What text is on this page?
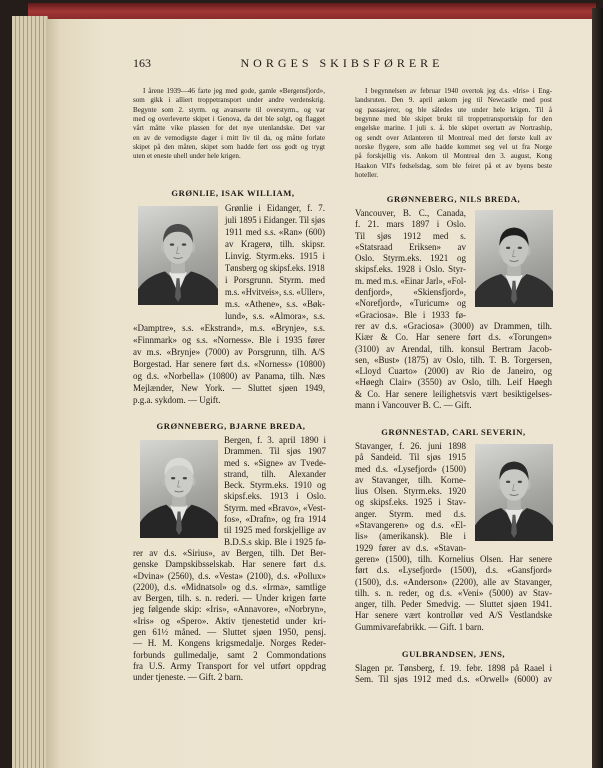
163	NORGES SKIBSFØRERE
I årene 1939—46 farte jeg med gode, gamle «Bergensfjord»,
som gikk i alliert troppetransport under andre verdenskrig.
Begynte som 2. styrm. og avanserte til overstyrm., og var
med og overleverte skipet i Genova, da det ble solgt, og flagget
vårt måtte vike plassen for det nye utenlandske. Det var
en av de vemodigste dager i mitt liv til da, og måtte forlate
skipet på den måten, skipet som hadde ført oss godt og trygt
uten et eneste uhell under hele krigen.
I begynnelsen av februar 1940 overtok jeg d.s. «Iris» i Eng-
landsruten. Den 9. april ankom jeg til Newcastle med post
og passasjerer, og ble således ute under hele krigen. Til å
begynne med ble skipet brukt til troppetransportskip for den
engelske marine. I juli s. å. ble skipet overtatt av Nortraship,
og sendt over Atlanteren til Montreal med det første kull av
norske flygere, som alle hadde kommet seg vel ut fra Norge
på forskjellig vis. Ankom til Montreal den 3. august, Kong
Haakon VII's fødselsdag, som ble feiret på et av byens beste
hoteller.
GRØNLIE, ISAK WILLIAM,
Grønlie i Eidanger, f. 7.
juli 1895 i Eidanger. Til sjøs
1911 med s.s. «Ran» (600)
av Kragerø, tilh. skipsr.
Linvig. Styrm.eks. 1915 i
Tønsberg og skipsf.eks. 1918
i Porsgrunn. Styrm. med
m.s. «Hvitveis», s.s. «Uller»,
m.s. «Athene», s.s. «Bøk-
lund», s.s. «Almora», s.s.
«Damptre», s.s. «Ekstrand», m.s. «Brynje», s.s.
«Finnmark» og s.s. «Norness». Ble i 1935 fører
av m.s. «Brynje» (7000) av Porsgrunn, tilh. A/S
Borgestad. Har senere ført d.s. «Norness» (10800)
og d.s. «Norbella» (10800) av Panama, tilh. Næs
Mejlænder, New York. — Sluttet sjøen 1949,
p.g.a. sykdom. — Ugift.
GRØNNEBERG, BJARNE BREDA,
Bergen, f. 3. april 1890 i
Drammen. Til sjøs 1907
med s. «Signe» av Tvede-
strand, tilh. Alexander
Beck. Styrm.eks. 1910 og
skipsf.eks. 1913 i Oslo.
Styrm. med «Bravo», «Vest-
fos», «Drafn», og fra 1914
til 1925 med forskjellige av
B.D.S.s skip. Ble i 1925 fø-
rer av d.s. «Sirius», av Bergen, tilh. Det Ber-
genske Dampskibsselskab. Har senere ført d.s.
«Dvina» (2560), d.s. «Vesta» (2100), d.s. «Pollux»
(2200), d.s. «Midnatsol» og d.s. «Irma», samtlige
av Bergen, tilh. s. n. rederi. — Under krigen førte
jeg følgende skip: «Iris», «Annavore», «Norbryn»,
«Iris» og «Spero». Aktiv tjenestetid under kri-
gen 61½ måned. — Sluttet sjøen 1950, pensj.
— H. M. Kongens krigsmedalje. Norges Reder-
forbunds gullmedalje, samt 2 Commondations
fra U.S. Army Transport for vel utført oppdrag
under tjeneste. — Gift. 2 barn.
GRØNNEBERG, NILS BREDA,
Vancouver, B. C., Canada,
f. 21. mars 1897 i Oslo.
Til sjøs 1912 med s.
«Statsraad Eriksen» av
Oslo. Styrm.eks. 1921 og
skipsf.eks. 1928 i Oslo. Styr-
m. med m.s. «Einar Jarl», «Fol-
denfjord», «Skiensfjord»,
«Norefjord», «Turicum» og
«Graciosa». Ble i 1933 fø-
rer av d.s. «Graciosa» (3000) av Drammen, tilh.
Kiær & Co. Har senere ført d.s. «Torungen»
(3100) av Arendal, tilh. konsul Bertram Jacob-
sen, «Bust» (1875) av Oslo, tilh. T. B. Torgersen,
«Lloyd Cuarto» (2000) av Rio de Janeiro, og
«Høegh Clair» (3550) av Oslo, tilh. Leif Høegh
& Co. Har senere leilighetsvis vært besiktigelses-
mann i Vancouver B. C. — Gift.
GRØNNESTAD, CARL SEVERIN,
Stavanger, f. 26. juni 1898
på Sandeid. Til sjøs 1915
med d.s. «Lysefjord» (1500)
av Stavanger, tilh. Korne-
lius Olsen. Styrm.eks. 1920
og skipsf.eks. 1925 i Stav-
anger. Styrm. med d.s.
«Stavangeren» og d.s. «El-
lis» (amerikansk). Ble i
1929 fører av d.s. «Stavan-
geren» (1500), tilh. Kornelius Olsen. Har senere
ført d.s. «Lysefjord» (1500), d.s. «Gansfjord»
(1500), d.s. «Anderson» (2200), alle av Stavanger,
tilh. s. n. reder, og d.s. «Veni» (5000) av Stav-
anger, tilh. Peder Smedvig. — Sluttet sjøen 1941.
Har senere vært kontrollør ved A/S Vestlandske
Gummivarefabrikk. — Gift. 1 barn.
GULBRANDSEN, JENS,
Slagen pr. Tønsberg, f. 19. febr. 1898 på Raael i
Sem. Til sjøs 1912 med d.s. «Orwell» (6000) av
